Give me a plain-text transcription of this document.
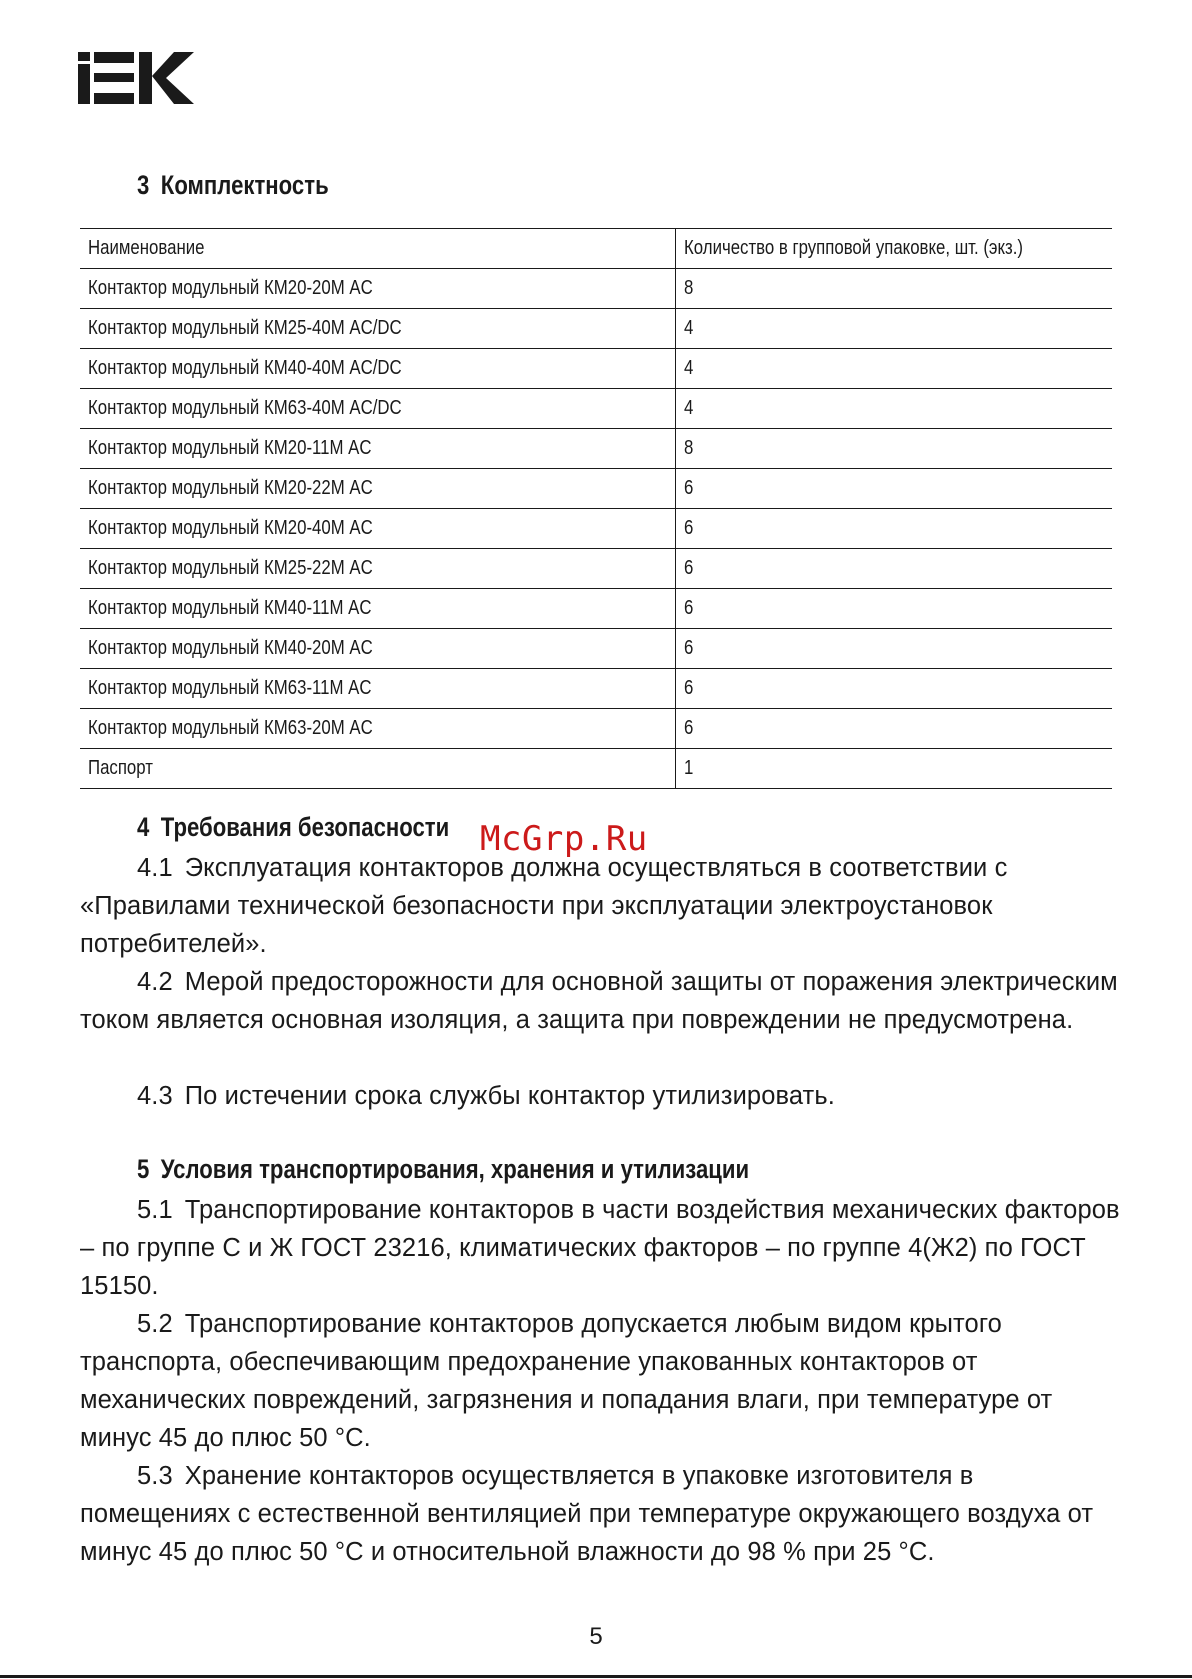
3 Комплектность
Наименование	Количество в групповой упаковке, шт. (экз.)
Контактор модульный КМ20-20М AC	8
Контактор модульный КМ25-40М AC/DC	4
Контактор модульный КМ40-40М AC/DC	4
Контактор модульный КМ63-40М AC/DC	4
Контактор модульный КМ20-11М AC	8
Контактор модульный КМ20-22М AC	6
Контактор модульный КМ20-40М AC	6
Контактор модульный КМ25-22М AC	6
Контактор модульный КМ40-11М AC	6
Контактор модульный КМ40-20М AC	6
Контактор модульный КМ63-11М AC	6
Контактор модульный КМ63-20М AC	6
Паспорт	1
4 Требования безопасности McGrp.Ru

4.1 Эксплуатация контакторов должна осуществляться в соответствии с «Правилами технической безопасности при эксплуатации электроустановок потребителей».

4.2 Мерой предосторожности для основной защиты от поражения электрическим током является основная изоляция, а защита при повреждении не предусмотрена.

4.3 По истечении срока службы контактор утилизировать.

5 Условия транспортирования, хранения и утилизации

5.1 Транспортирование контакторов в части воздействия механических факторов – по группе С и Ж ГОСТ 23216, климатических факторов – по группе 4(Ж2) по ГОСТ 15150.

5.2 Транспортирование контакторов допускается любым видом крытого транспорта, обеспечивающим предохранение упакованных контакторов от механических повреждений, загрязнения и попадания влаги, при температуре от минус 45 до плюс 50 °С.

5.3 Хранение контакторов осуществляется в упаковке изготовителя в помещениях с естественной вентиляцией при температуре окружающего воздуха от минус 45 до плюс 50 °С и относительной влажности до 98 % при 25 °С.

5
